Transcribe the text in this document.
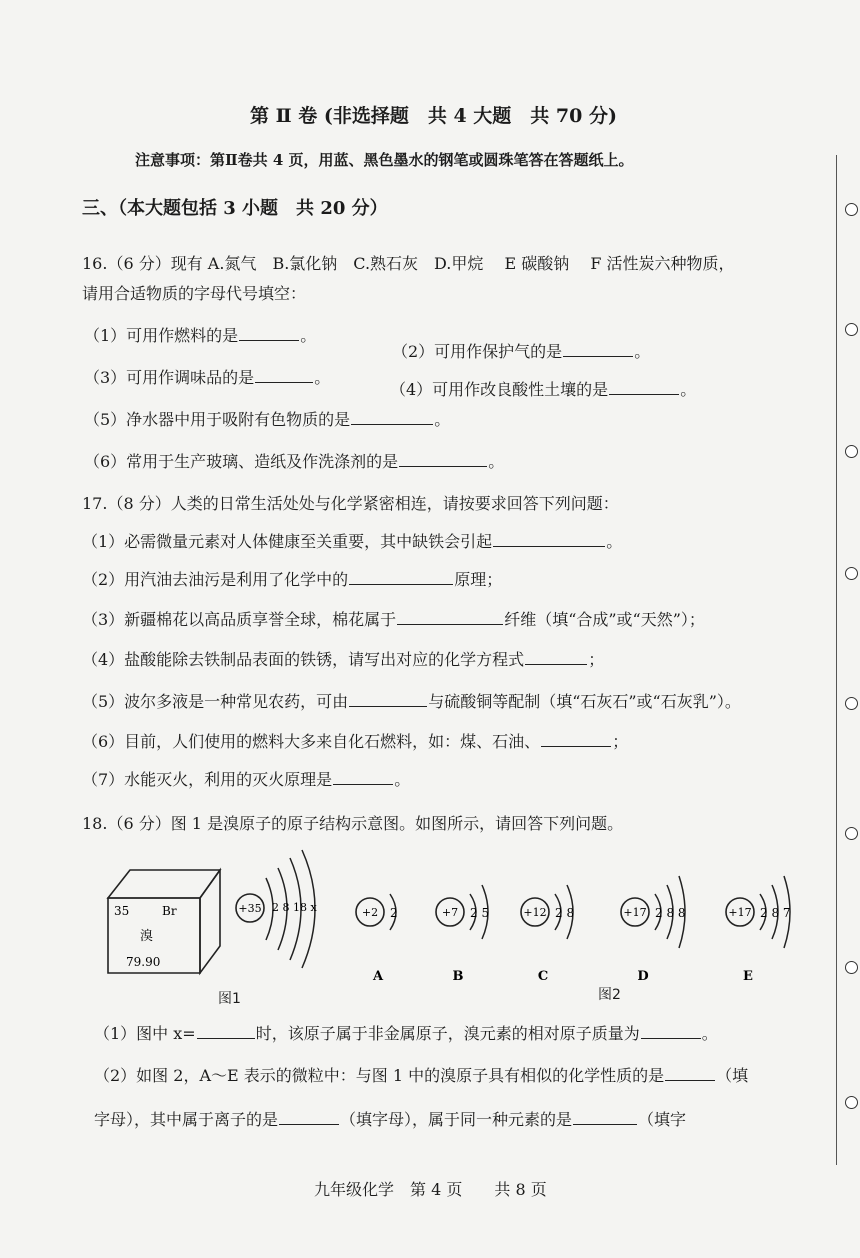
第 Ⅱ 卷 (非选择题　共 4 大题　共 70 分)
注意事项：第Ⅱ卷共 4 页，用蓝、黑色墨水的钢笔或圆珠笔答在答题纸上。
三、（本大题包括 3 小题　共 20 分）
16.（6 分）现有 A.氮气　B.氯化钠　C.熟石灰　D.甲烷　 E 碳酸钠　 F 活性炭六种物质，
请用合适物质的字母代号填空：
（1）可用作燃料的是	。
（2）可用作保护气的是	。
（3）可用作调味品的是	。
（4）可用作改良酸性土壤的是	。
（5）净水器中用于吸附有色物质的是	。
（6）常用于生产玻璃、造纸及作洗涤剂的是	。
17.（8 分）人类的日常生活处处与化学紧密相连，请按要求回答下列问题：
（1）必需微量元素对人体健康至关重要，其中缺铁会引起	。
（2）用汽油去油污是利用了化学中的	原理；
（3）新疆棉花以高品质享誉全球，棉花属于	纤维（填“合成”或“天然”）；
（4）盐酸能除去铁制品表面的铁锈，请写出对应的化学方程式	；
（5）波尔多液是一种常见农药，可由	与硫酸铜等配制（填“石灰石”或“石灰乳”）。
（6）目前，人们使用的燃料大多来自化石燃料，如：煤、石油、	；
（7）水能灭火，利用的灭火原理是	。
18.（6 分）图 1 是溴原子的原子结构示意图。如图所示，请回答下列问题。
35	Br
溴
79.90
+35 2 8 18 x
图1
+2 2
A
+7 2 5
B
+12 2 8
C
+17 2 8 8
D
+17 2 8 7
E
图2
（1）图中 x=	时，该原子属于非金属原子，溴元素的相对原子质量为	。
（2）如图 2，A～E 表示的微粒中：与图 1 中的溴原子具有相似的化学性质的是	（填
字母），其中属于离子的是	（填字母），属于同一种元素的是	（填字
九年级化学　第 4 页　　共 8 页
